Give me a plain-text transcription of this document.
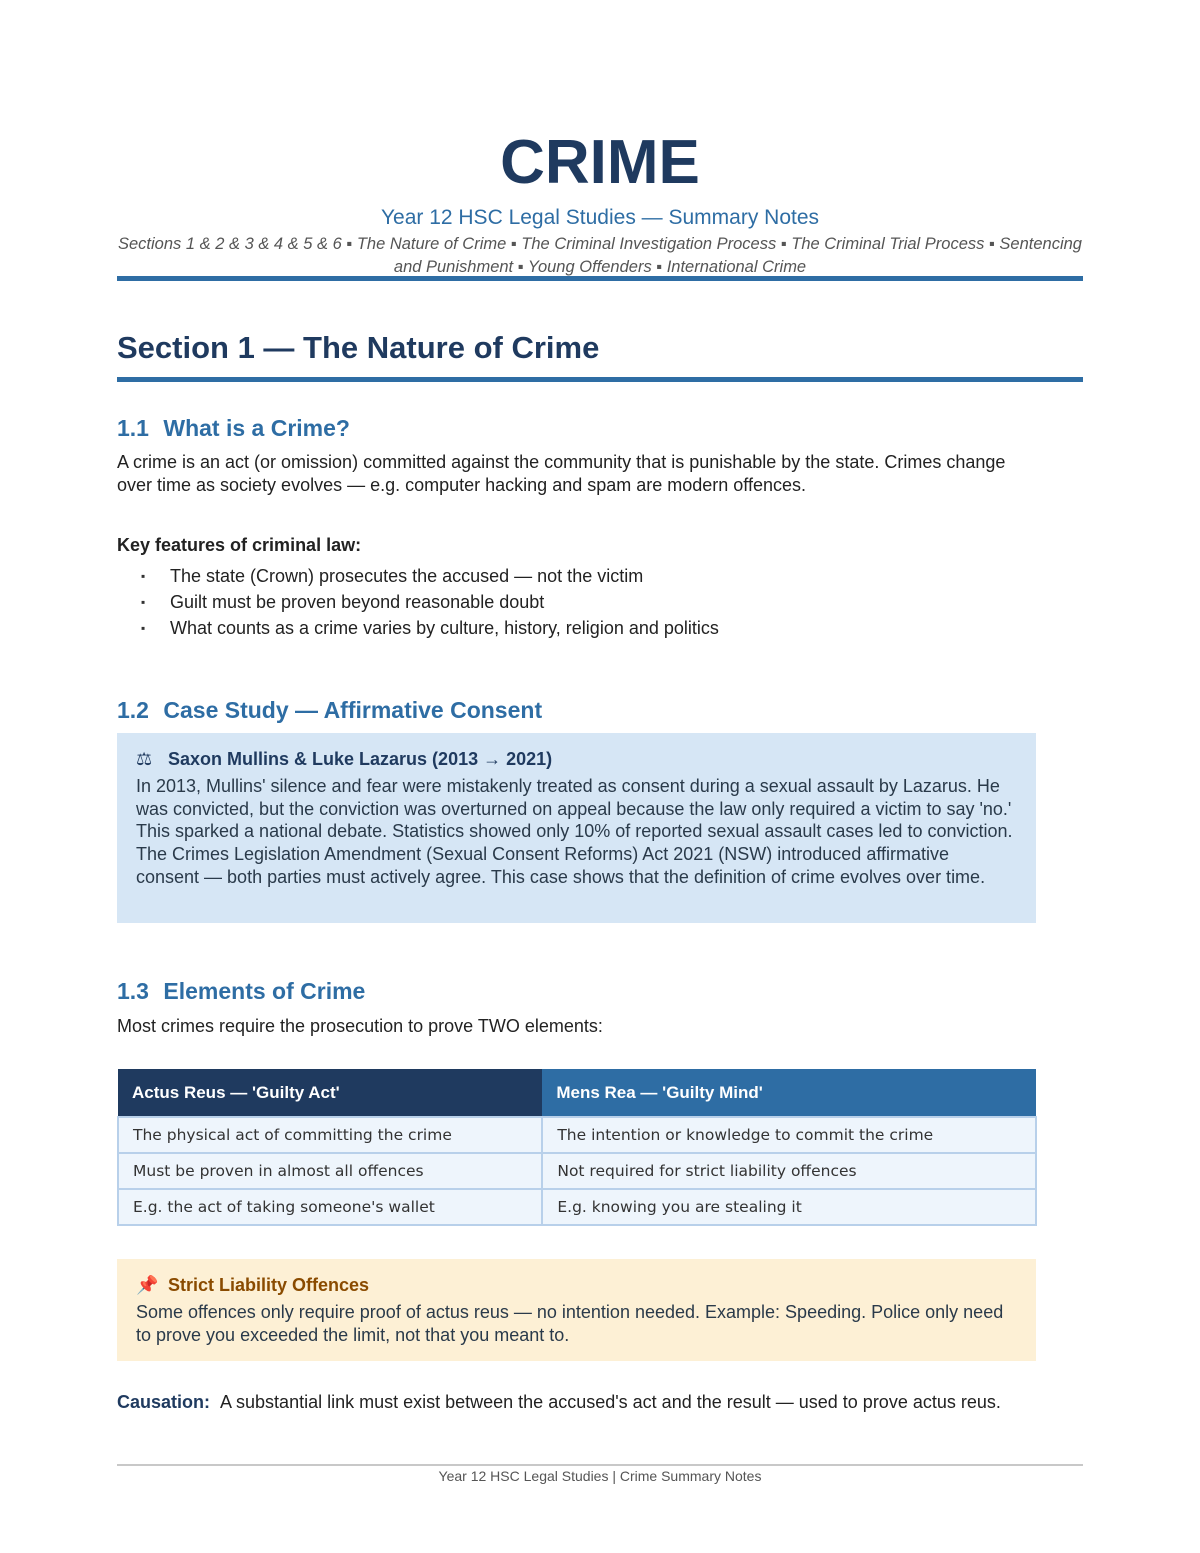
CRIME
Year 12 HSC Legal Studies — Summary Notes
Sections 1 & 2 & 3 & 4 & 5 & 6 ▪ The Nature of Crime ▪ The Criminal Investigation Process ▪ The Criminal Trial Process ▪ Sentencing and Punishment ▪ Young Offenders ▪ International Crime
Section 1 — The Nature of Crime
1.1 What is a Crime?
A crime is an act (or omission) committed against the community that is punishable by the state. Crimes change over time as society evolves — e.g. computer hacking and spam are modern offences.
Key features of criminal law:
▪ The state (Crown) prosecutes the accused — not the victim
▪ Guilt must be proven beyond reasonable doubt
▪ What counts as a crime varies by culture, history, religion and politics
1.2 Case Study — Affirmative Consent
⚖ Saxon Mullins & Luke Lazarus (2013 → 2021)
In 2013, Mullins' silence and fear were mistakenly treated as consent during a sexual assault by Lazarus. He was convicted, but the conviction was overturned on appeal because the law only required a victim to say 'no.' This sparked a national debate. Statistics showed only 10% of reported sexual assault cases led to conviction. The Crimes Legislation Amendment (Sexual Consent Reforms) Act 2021 (NSW) introduced affirmative consent — both parties must actively agree. This case shows that the definition of crime evolves over time.
1.3 Elements of Crime
Most crimes require the prosecution to prove TWO elements:
Actus Reus — 'Guilty Act'	Mens Rea — 'Guilty Mind'
The physical act of committing the crime	The intention or knowledge to commit the crime
Must be proven in almost all offences	Not required for strict liability offences
E.g. the act of taking someone's wallet	E.g. knowing you are stealing it
📌 Strict Liability Offences
Some offences only require proof of actus reus — no intention needed. Example: Speeding. Police only need to prove you exceeded the limit, not that you meant to.
Causation: A substantial link must exist between the accused's act and the result — used to prove actus reus.
Year 12 HSC Legal Studies | Crime Summary Notes
